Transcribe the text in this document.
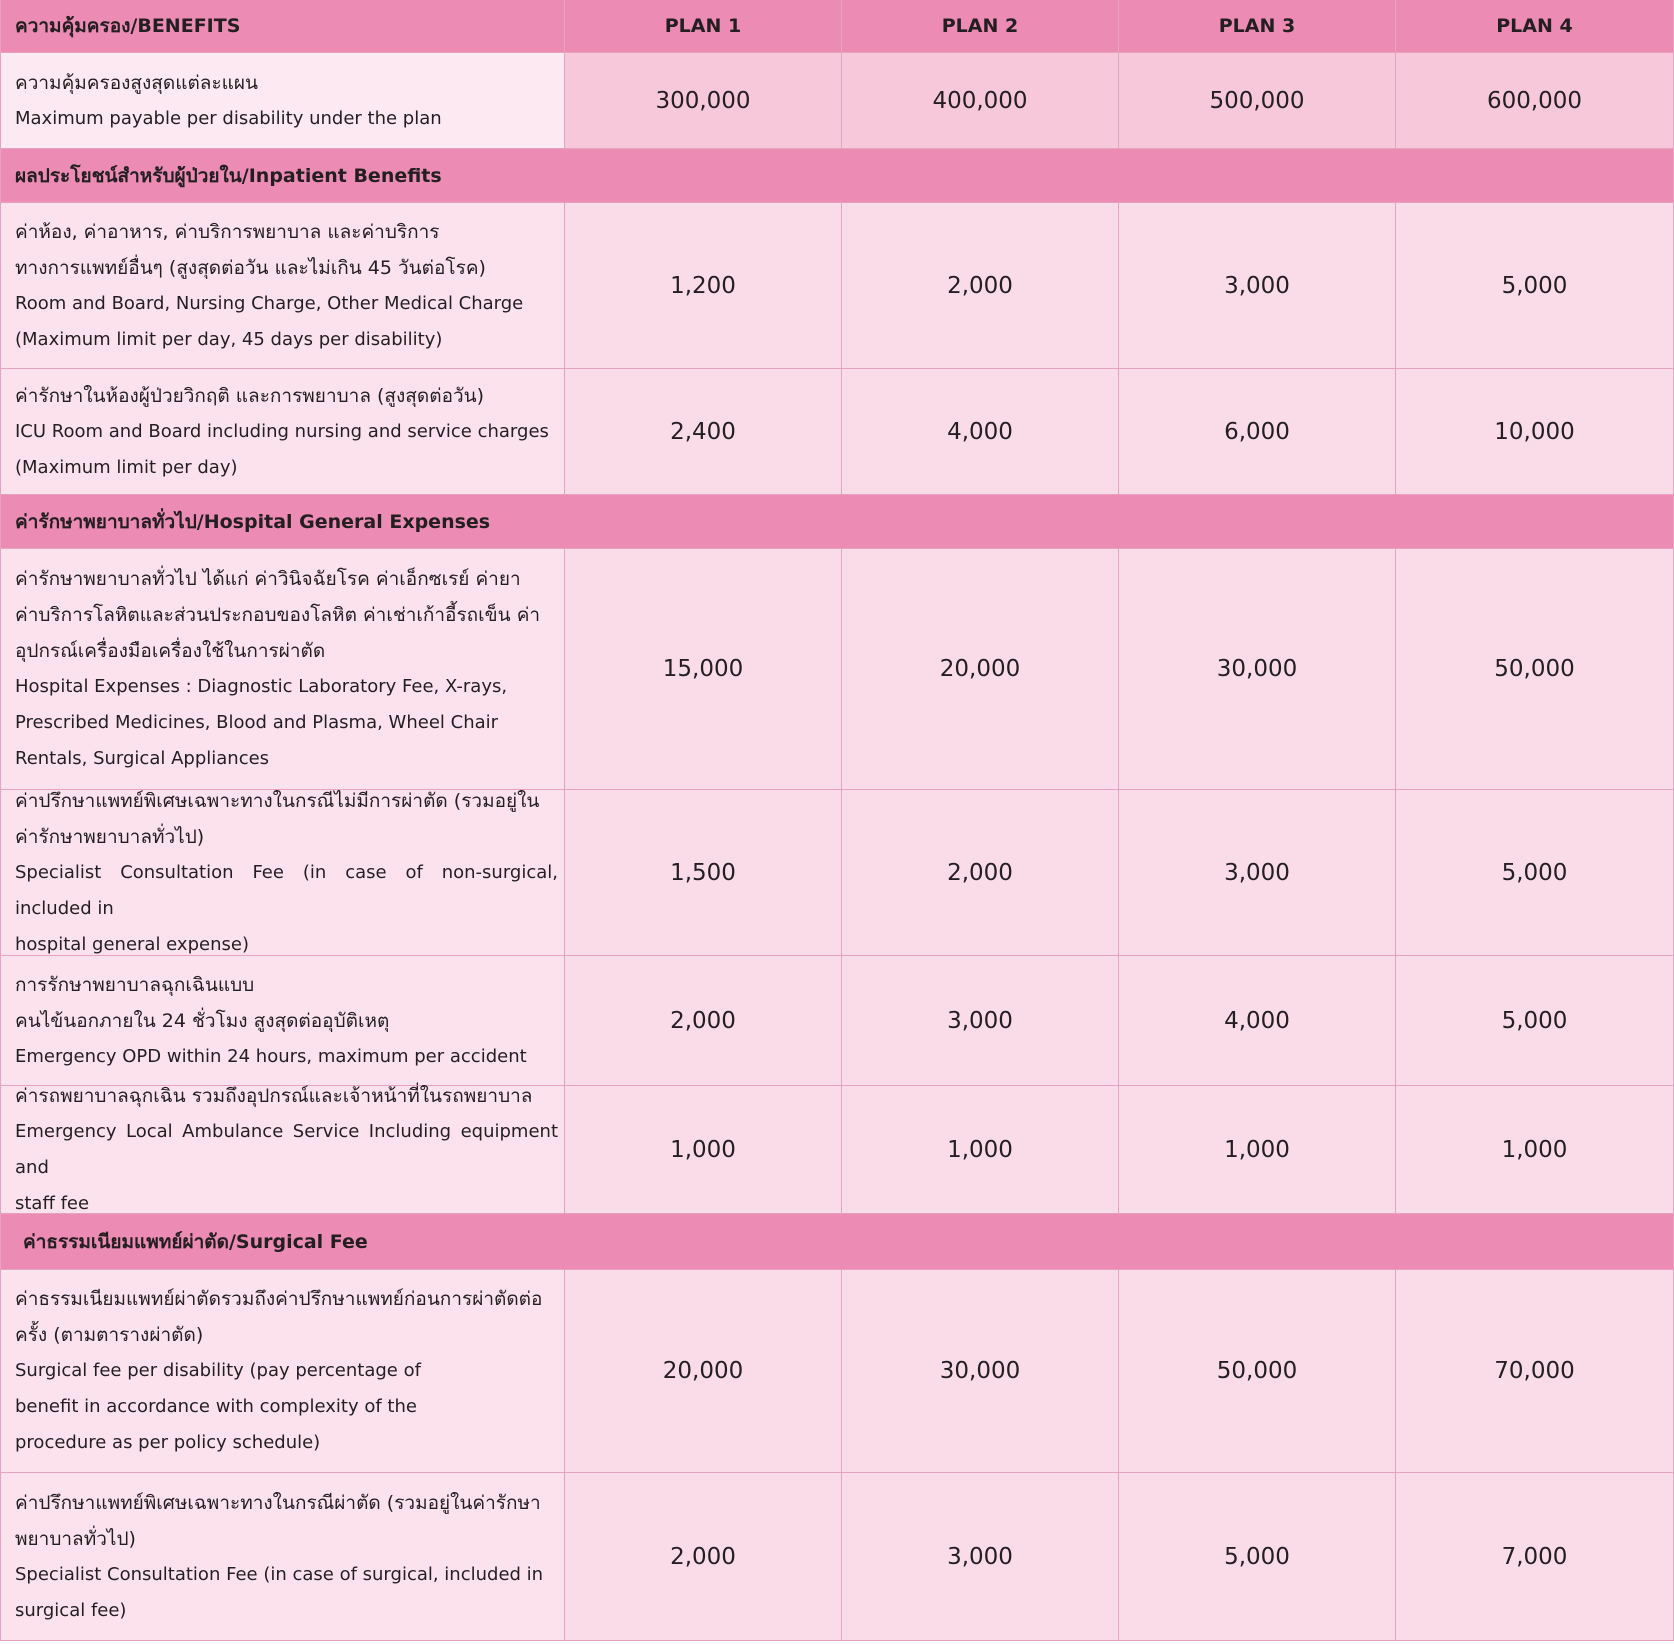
ความคุ้มครอง/BENEFITS	PLAN 1	PLAN 2	PLAN 3	PLAN 4
ความคุ้มครองสูงสุดแต่ละแผน
Maximum payable per disability under the plan
300,000	400,000	500,000	600,000
ผลประโยชน์สำหรับผู้ป่วยใน/Inpatient Benefits
ค่าห้อง, ค่าอาหาร, ค่าบริการพยาบาล และค่าบริการ
ทางการแพทย์อื่นๆ (สูงสุดต่อวัน และไม่เกิน 45 วันต่อโรค)
Room and Board, Nursing Charge, Other Medical Charge
(Maximum limit per day, 45 days per disability)
1,200	2,000	3,000	5,000
ค่ารักษาในห้องผู้ป่วยวิกฤติ และการพยาบาล (สูงสุดต่อวัน)
ICU Room and Board including nursing and service charges
(Maximum limit per day)
2,400	4,000	6,000	10,000
ค่ารักษาพยาบาลทั่วไป/Hospital General Expenses
ค่ารักษาพยาบาลทั่วไป ได้แก่ ค่าวินิจฉัยโรค ค่าเอ็กซเรย์ ค่ายา
ค่าบริการโลหิตและส่วนประกอบของโลหิต ค่าเช่าเก้าอี้รถเข็น ค่า
อุปกรณ์เครื่องมือเครื่องใช้ในการผ่าตัด
Hospital Expenses : Diagnostic Laboratory Fee, X-rays,
Prescribed Medicines, Blood and Plasma, Wheel Chair
Rentals, Surgical Appliances
15,000	20,000	30,000	50,000
ค่าปรึกษาแพทย์พิเศษเฉพาะทางในกรณีไม่มีการผ่าตัด (รวมอยู่ใน
ค่ารักษาพยาบาลทั่วไป)
Specialist Consultation Fee (in case of non-surgical, included in
hospital general expense)
1,500	2,000	3,000	5,000
การรักษาพยาบาลฉุกเฉินแบบ
คนไข้นอกภายใน 24 ชั่วโมง สูงสุดต่ออุบัติเหตุ
Emergency OPD within 24 hours, maximum per accident
2,000	3,000	4,000	5,000
ค่ารถพยาบาลฉุกเฉิน รวมถึงอุปกรณ์และเจ้าหน้าที่ในรถพยาบาล
Emergency Local Ambulance Service Including equipment and
staff fee
1,000	1,000	1,000	1,000
ค่าธรรมเนียมแพทย์ผ่าตัด/Surgical Fee
ค่าธรรมเนียมแพทย์ผ่าตัดรวมถึงค่าปรึกษาแพทย์ก่อนการผ่าตัดต่อ
ครั้ง (ตามตารางผ่าตัด)
Surgical fee per disability (pay percentage of
benefit in accordance with complexity of the
procedure as per policy schedule)
20,000	30,000	50,000	70,000
ค่าปรึกษาแพทย์พิเศษเฉพาะทางในกรณีผ่าตัด (รวมอยู่ในค่ารักษา
พยาบาลทั่วไป)
Specialist Consultation Fee (in case of surgical, included in
surgical fee)
2,000	3,000	5,000	7,000
